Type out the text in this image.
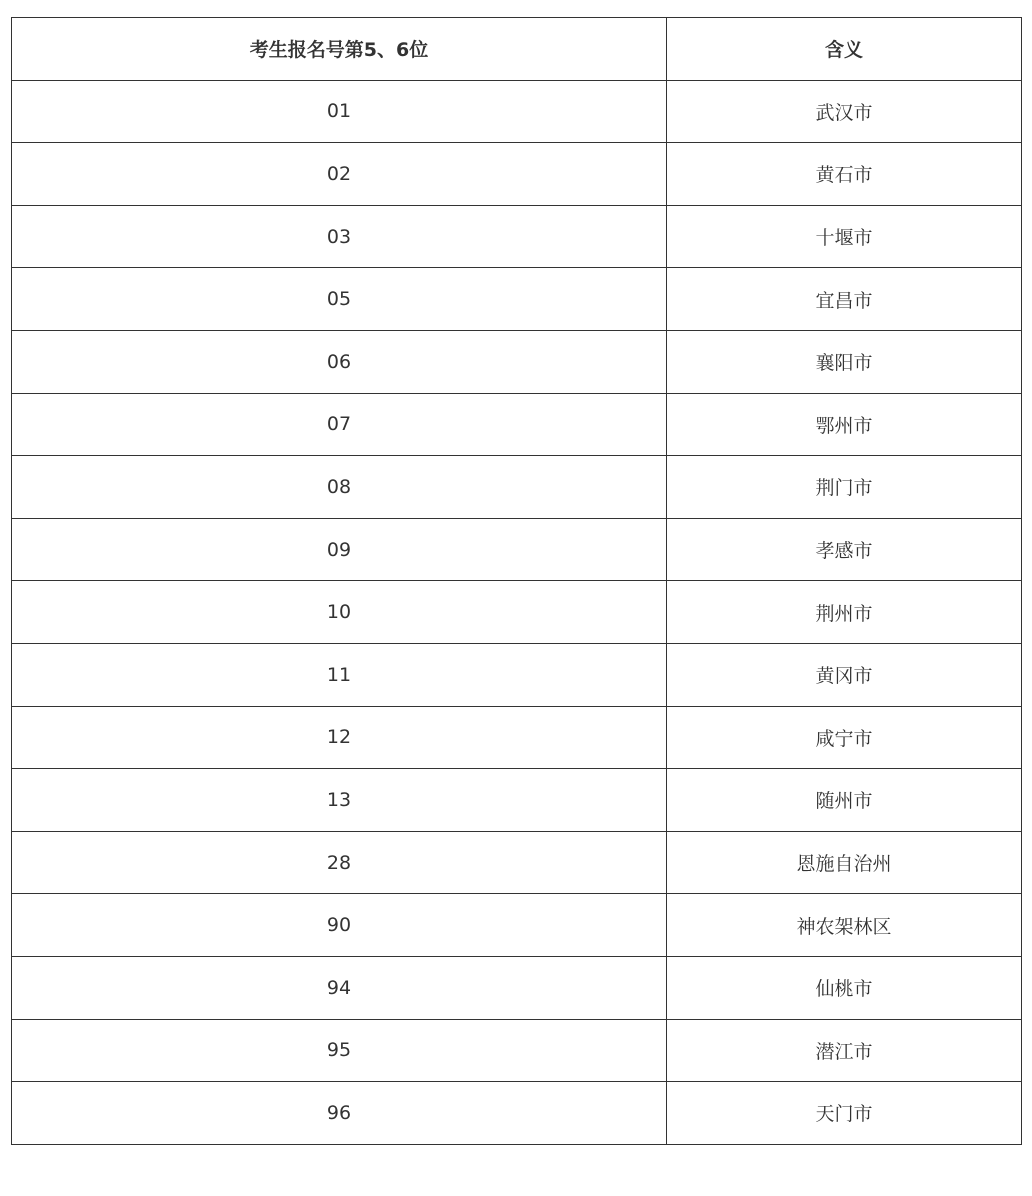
考生报名号第5、6位	含义
01	武汉市
02	黄石市
03	十堰市
05	宜昌市
06	襄阳市
07	鄂州市
08	荆门市
09	孝感市
10	荆州市
11	黄冈市
12	咸宁市
13	随州市
28	恩施自治州
90	神农架林区
94	仙桃市
95	潜江市
96	天门市
